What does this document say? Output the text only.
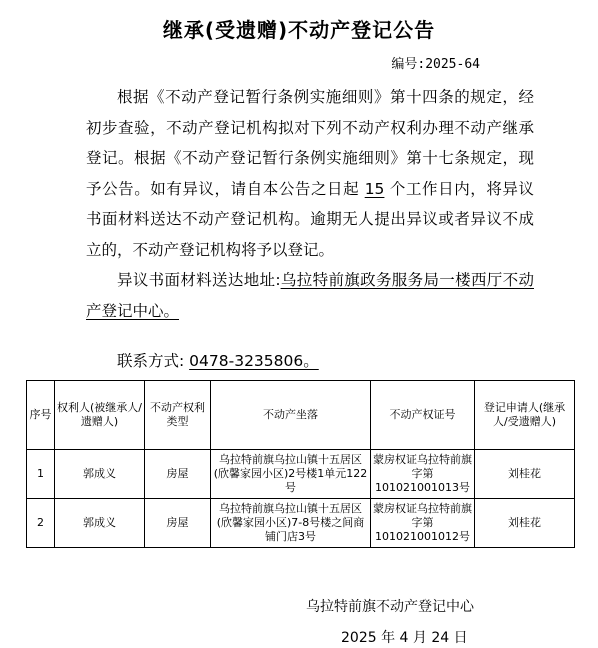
继承(受遗赠)不动产登记公告
编号:2025-64

根据《不动产登记暂行条例实施细则》第十四条的规定，经初步查验，不动产登记机构拟对下列不动产权利办理不动产继承登记。根据《不动产登记暂行条例实施细则》第十七条规定，现予公告。如有异议，请自本公告之日起 15 个工作日内，将异议书面材料送达不动产登记机构。逾期无人提出异议或者异议不成立的，不动产登记机构将予以登记。

异议书面材料送达地址:乌拉特前旗政务服务局一楼西厅不动产登记中心。

联系方式: 0478-3235806。
序号	权利人(被继承人/遗赠人)	不动产权利类型	不动产坐落	不动产权证号	登记申请人(继承人/受遗赠人)
1	郭成义	房屋	乌拉特前旗乌拉山镇十五居区(欣馨家园小区)2号楼1单元122号	蒙房权证乌拉特前旗字第101021001013号	刘桂花
2	郭成义	房屋	乌拉特前旗乌拉山镇十五居区(欣馨家园小区)7-8号楼之间商铺门店3号	蒙房权证乌拉特前旗字第101021001012号	刘桂花
乌拉特前旗不动产登记中心
2025 年 4 月 24 日
